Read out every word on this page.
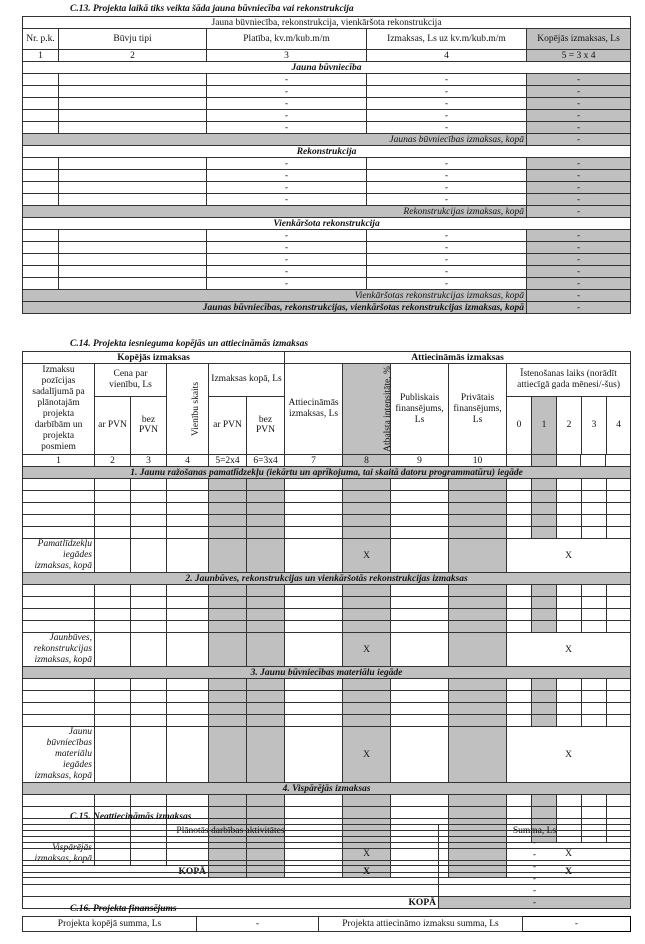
C.13. Projekta laikā tiks veikta šāda jauna būvniecība vai rekonstrukcija
Jauna būvniecība, rekonstrukcija, vienkāršota rekonstrukcija				
Nr. p.k.	Būvju tipi	Platība, kv.m/kub.m/m	Izmaksas, Ls uz kv.m/kub.m/m	Kopējās izmaksas, Ls
1	2	3	4	5 = 3 x 4
Jauna būvniecība				
		-	-	-
		-	-	-
		-	-	-
		-	-	-
		-	-	-
Jaunas būvniecības izmaksas, kopā				-
Rekonstrukcija				
		-	-	-
		-	-	-
		-	-	-
		-	-	-
Rekonstrukcijas izmaksas, kopā				-
Vienkāršota rekonstrukcija				
		-	-	-
		-	-	-
		-	-	-
		-	-	-
		-	-	-
Vienkāršotas rekonstrukcijas izmaksas, kopā				-
Jaunas būvniecības, rekonstrukcijas, vienkāršotas rekonstrukcijas izmaksas, kopā				-
C.14. Projekta iesnieguma kopējās un attiecināmās izmaksas
Kopējās izmaksas	Attiecināmās izmaksas
Izmaksu pozīcijas sadalījumā pa plānotajām projekta darbībām un projekta posmiem	Cena par vienību, Ls	Vienību skaits	Izmaksas kopā, Ls	Attiecināmās izmaksas, Ls	Atbalsta intensitāte, %	Publiskais finansējums, Ls	Privātais finansējums, Ls	Īstenošanas laiks (norādīt attiecīgā gada mēnesi/-šus)
ar PVN	bez PVN	ar PVN	bez PVN	0	1	2	3	4
1	2	3	4	5=2x4	6=3x4	7	8	9	10	

1. Jaunu ražošanas pamatlīdzekļu (iekārtu un aprīkojuma, tai skaitā datoru programmatūru) iegāde

Pamatlīdzekļu iegādes izmaksas, kopā							X			X
2. Jaunbūves, rekonstrukcijas un vienkāršotās rekonstrukcijas izmaksas

Jaunbūves, rekonstrukcijas izmaksas, kopā							X			X
3. Jaunu būvniecības materiālu iegāde

Jaunu būvniecības materiālu iegādes izmaksas, kopā							X			X
4. Vispārējās izmaksas

Vispārējās izmaksas, kopā							X			X
KOPĀ				X			X
C.15. Neattiecināmās izmaksas
Plānotās darbības aktivitātes	Summa, Ls
	-
	-
	-
	-
	-
KOPĀ	-
C.16. Projekta finansējums
Projekta kopējā summa, Ls	-	Projekta attiecināmo izmaksu summa, Ls	-
